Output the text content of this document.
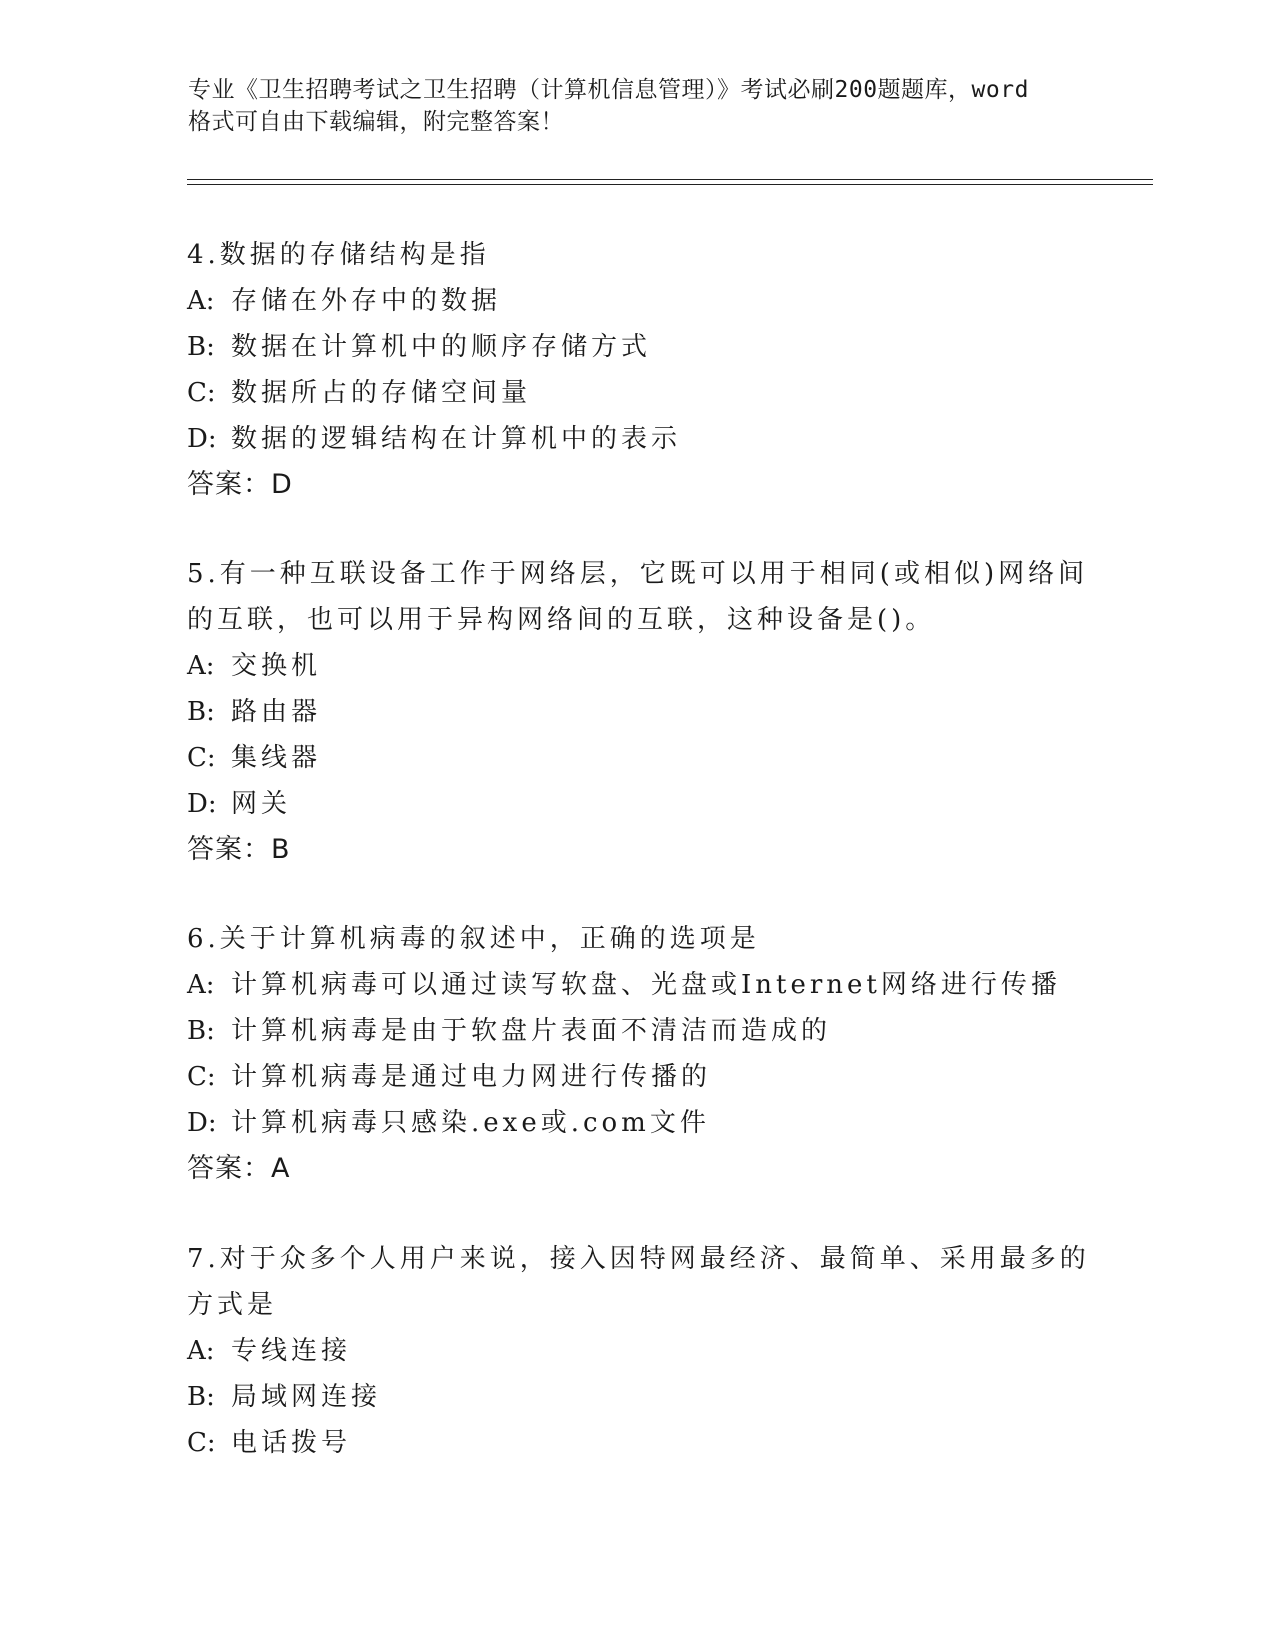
专业《卫生招聘考试之卫生招聘（计算机信息管理）》考试必刷200题题库，word
格式可自由下载编辑，附完整答案！
4.数据的存储结构是指
A: 存储在外存中的数据
B: 数据在计算机中的顺序存储方式
C: 数据所占的存储空间量
D: 数据的逻辑结构在计算机中的表示
答案：D
5.有一种互联设备工作于网络层，它既可以用于相同(或相似)网络间
的互联，也可以用于异构网络间的互联，这种设备是()。
A: 交换机
B: 路由器
C: 集线器
D: 网关
答案：B
6.关于计算机病毒的叙述中，正确的选项是
A: 计算机病毒可以通过读写软盘、光盘或Internet网络进行传播
B: 计算机病毒是由于软盘片表面不清洁而造成的
C: 计算机病毒是通过电力网进行传播的
D: 计算机病毒只感染.exe或.com文件
答案：A
7.对于众多个人用户来说，接入因特网最经济、最简单、采用最多的
方式是
A: 专线连接
B: 局域网连接
C: 电话拨号
